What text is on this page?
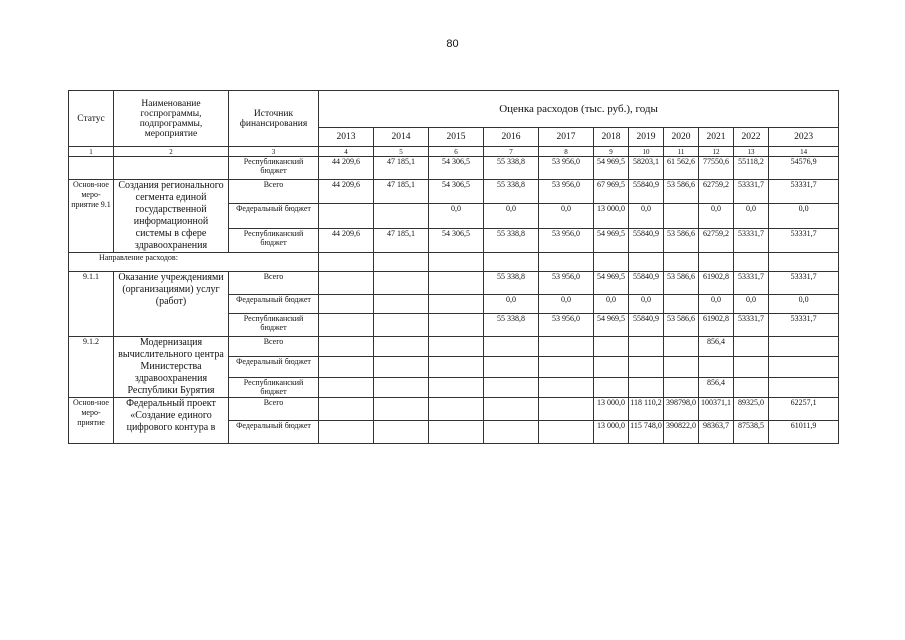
80
Статус	Наименование госпрограммы, подпрограммы, мероприятие	Источник финансирования	Оценка расходов (тыс. руб.), годы										
			2013	2014	2015	2016	2017	2018	2019	2020	2021	2022	2023
1	2	3	4	5	6	7	8	9	10	11	12	13	14
		Республиканский бюджет	44 209,6	47 185,1	54 306,5	55 338,8	53 956,0	54 969,5	58203,1	61 562,6	77550,6	55118,2	54576,9
Основ-ное меро-приятие 9.1	Создания регионального сегмента единой государственной информационной системы в сфере здравоохранения	Всего	44 209,6	47 185,1	54 306,5	55 338,8	53 956,0	67 969,5	55840,9	53 586,6	62759,2	53331,7	53331,7
		Федеральный бюджет			0,0	0,0	0,0	13 000,0	0,0		0,0	0,0	0,0
		Республиканский бюджет	44 209,6	47 185,1	54 306,5	55 338,8	53 956,0	54 969,5	55840,9	53 586,6	62759,2	53331,7	53331,7
Направление расходов:													
9.1.1	Оказание учреждениями (организациями) услуг (работ)	Всего				55 338,8	53 956,0	54 969,5	55840,9	53 586,6	61902,8	53331,7	53331,7
		Федеральный бюджет				0,0	0,0	0,0	0,0		0,0	0,0	0,0
		Республиканский бюджет				55 338,8	53 956,0	54 969,5	55840,9	53 586,6	61902,8	53331,7	53331,7
9.1.2	Модернизация вычислительного центра Министерства здравоохранения Республики Бурятия	Всего									856,4		
		Федеральный бюджет											
		Республиканский бюджет									856,4		
Основ-ное меро-приятие	Федеральный проект «Создание единого цифрового контура в	Всего						13 000,0	118 110,2	398798,0	100371,1	89325,0	62257,1
		Федеральный бюджет						13 000,0	115 748,0	390822,0	98363,7	87538,5	61011,9
